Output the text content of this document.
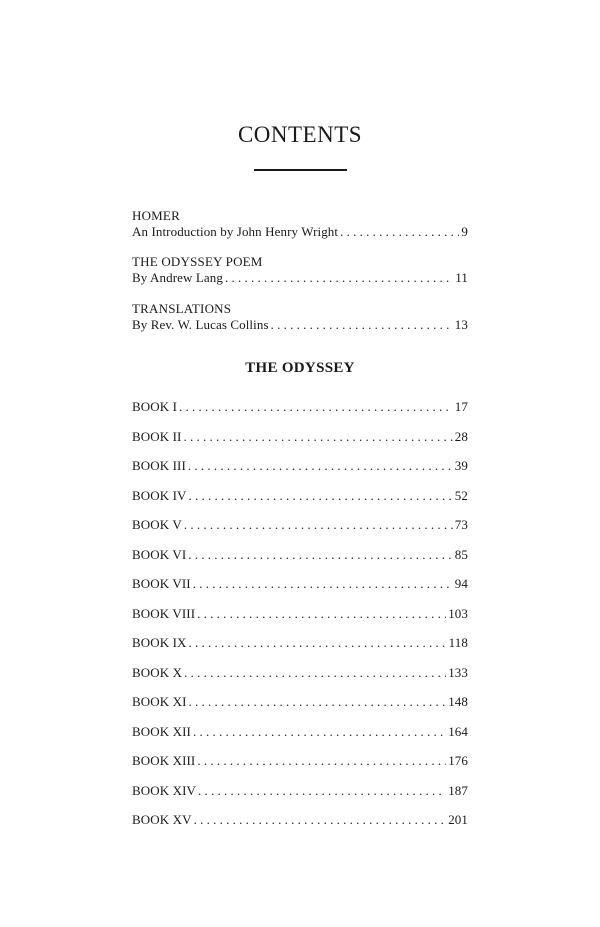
CONTENTS
HOMER
An Introduction by John Henry Wright . . .	9
THE ODYSSEY POEM
By Andrew Lang . . .	11
TRANSLATIONS
By Rev. W. Lucas Collins . . .	13
THE ODYSSEY
BOOK I . . .	17
BOOK II . . .	28
BOOK III . . .	39
BOOK IV . . .	52
BOOK V . . .	73
BOOK VI . . .	85
BOOK VII . . .	94
BOOK VIII . . .	103
BOOK IX . . .	118
BOOK X . . .	133
BOOK XI . . .	148
BOOK XII . . .	164
BOOK XIII . . .	176
BOOK XIV . . .	187
BOOK XV . . .	201
